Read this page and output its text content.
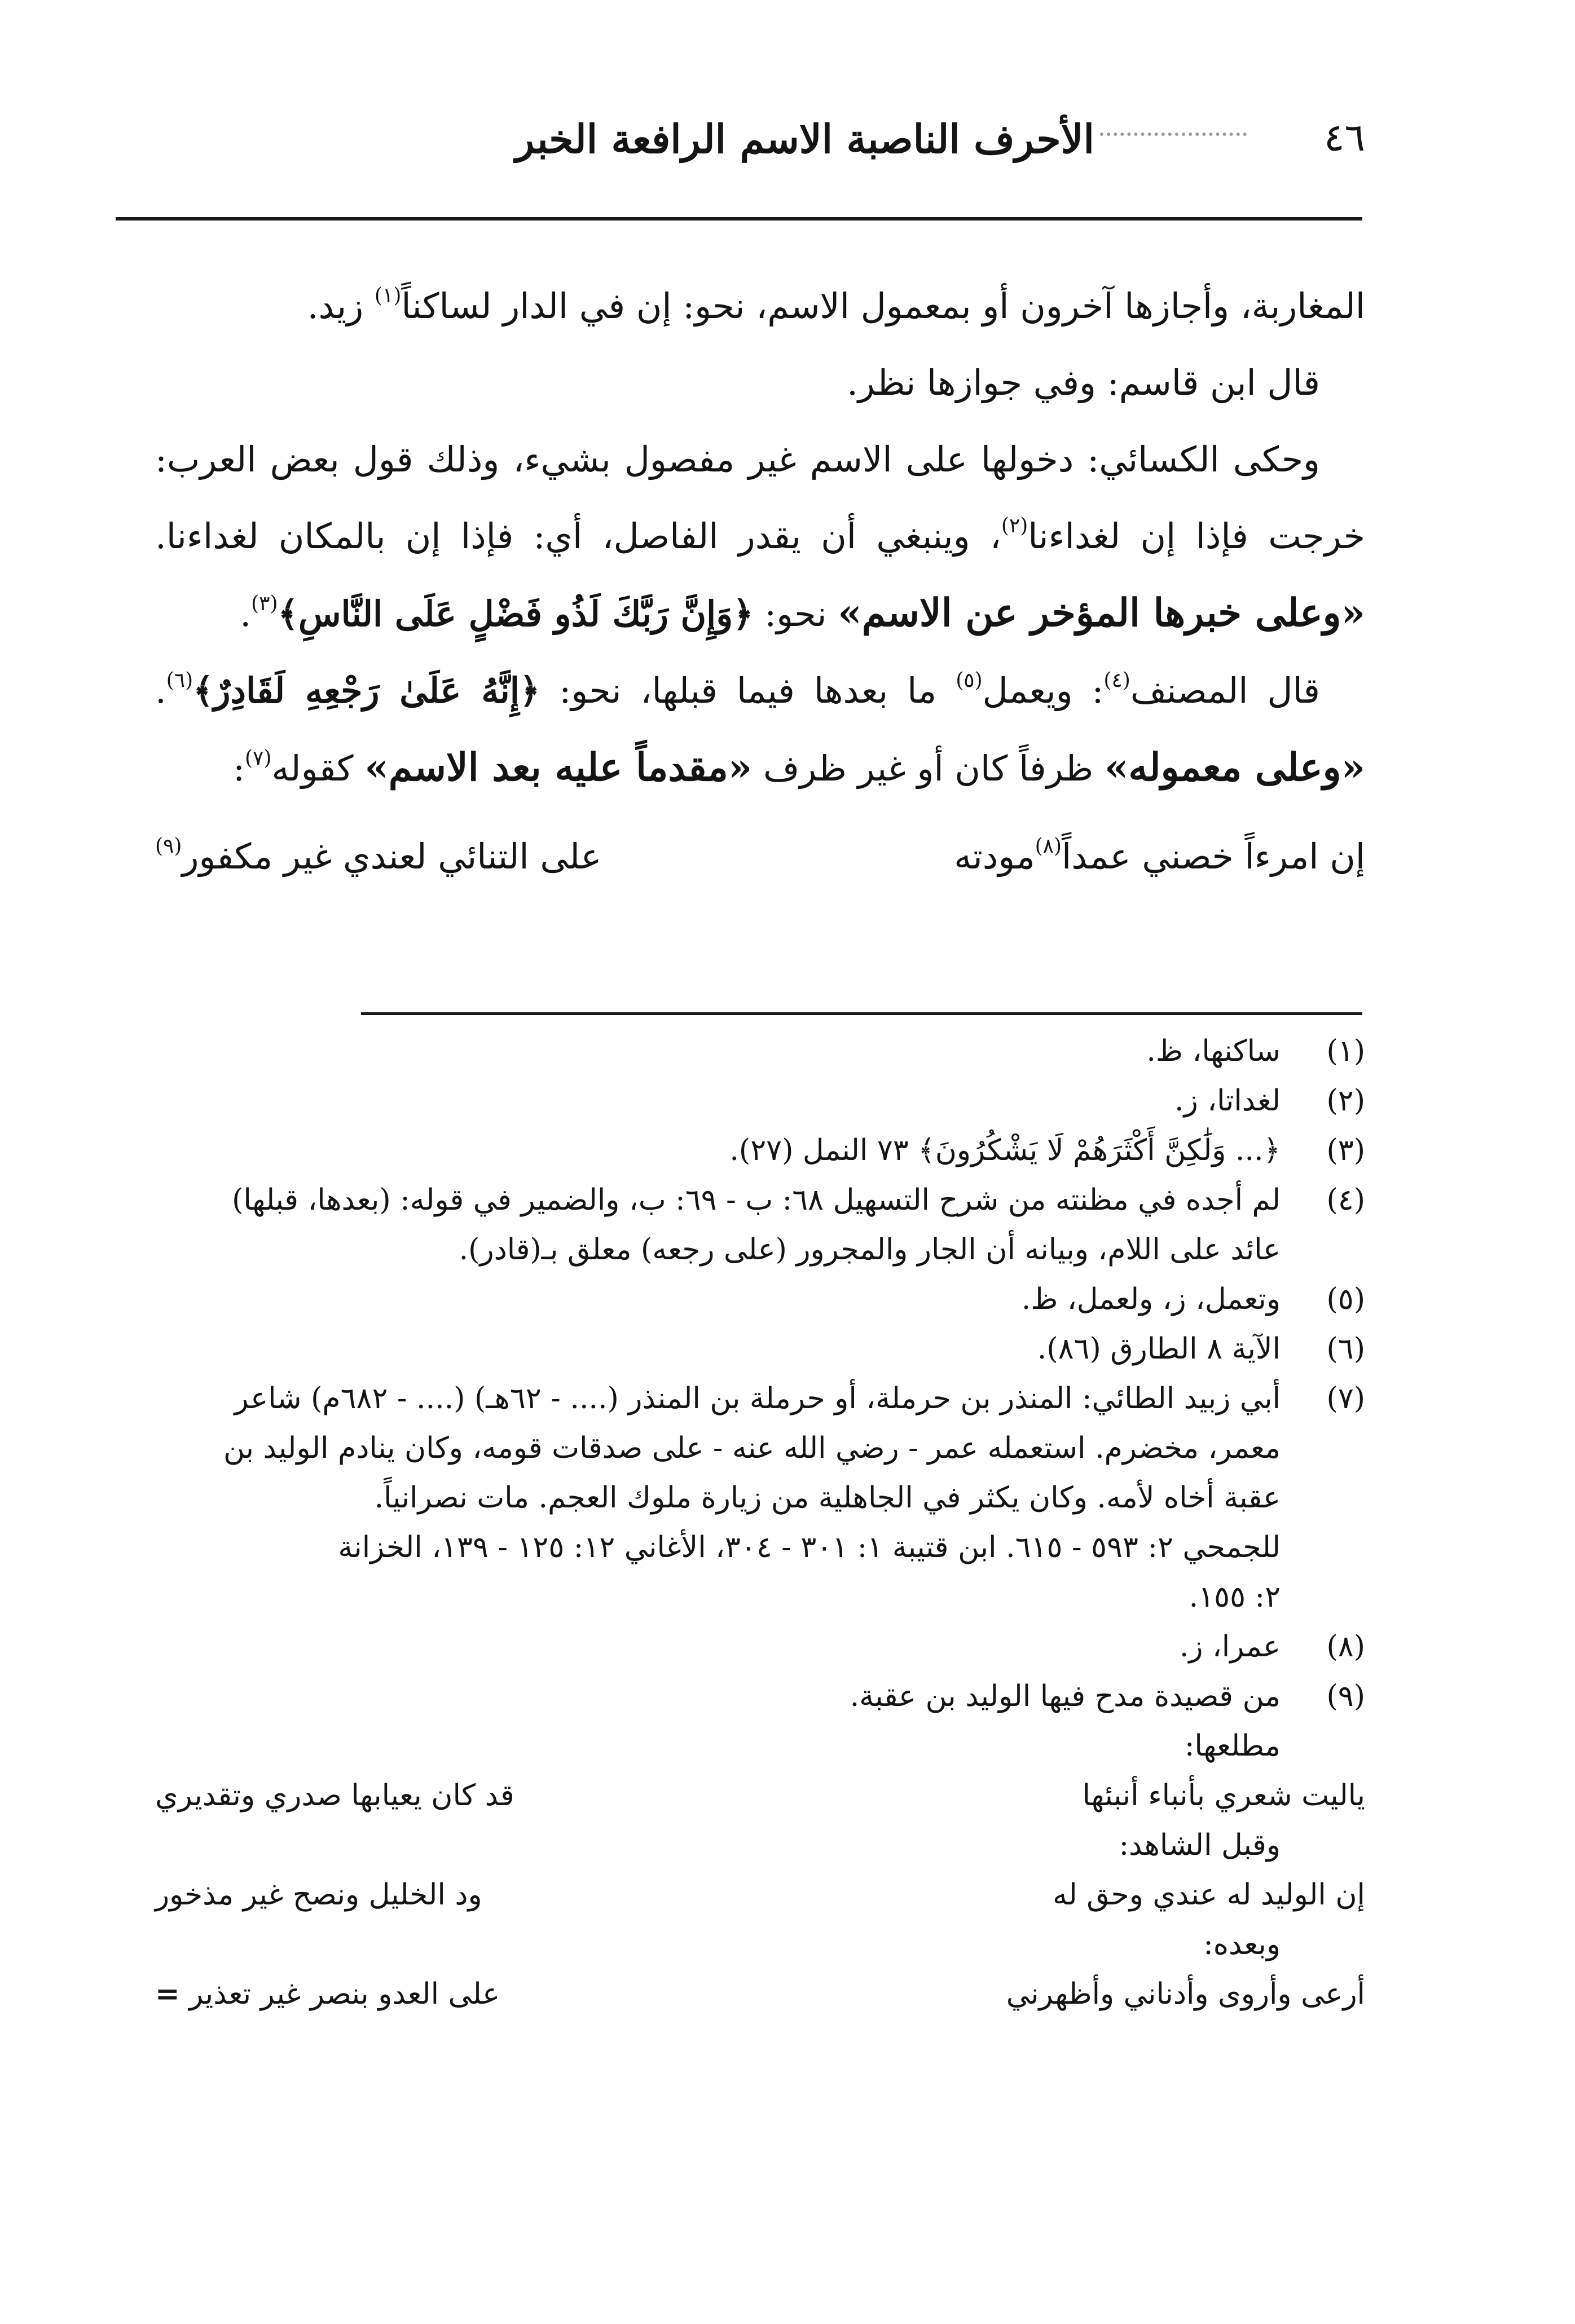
٤٦
الأحرف الناصبة الاسم الرافعة الخبر

المغاربة، وأجازها آخرون أو بمعمول الاسم، نحو: إن في الدار لساكناً$^{(١)}$ زيد.

قال ابن قاسم: وفي جوازها نظر.

وحكى الكسائي: دخولها على الاسم غير مفصول بشيء، وذلك قول بعض العرب: خرجت فإذا إن لغداءنا$^{(٢)}$، وينبغي أن يقدر الفاصل، أي: فإذا إن بالمكان لغداءنا. «وعلى خبرها المؤخر عن الاسم» نحو: ﴿وَإِنَّ رَبَّكَ لَذُو فَضْلٍ عَلَى النَّاسِ﴾$^{(٣)}$.

قال المصنف$^{(٤)}$: ويعمل$^{(٥)}$ ما بعدها فيما قبلها، نحو: ﴿إِنَّهُ عَلَىٰ رَجْعِهِ لَقَادِرٌ﴾$^{(٦)}$. «وعلى معموله» ظرفاً كان أو غير ظرف «مقدماً عليه بعد الاسم» كقوله$^{(٧)}$:

إن امرءاً خصني عمداً$^{(٨)}$مودته
على التنائي لعندي غير مكفور$^{(٩)}$
(١)
ساكنها، ظ.
(٢)
لغداتا، ز.
(٣)
﴿... وَلَٰكِنَّ أَكْثَرَهُمْ لَا يَشْكُرُونَ﴾ ٧٣ النمل (٢٧).
(٤)
لم أجده في مظنته من شرح التسهيل ٦٨: ب - ٦٩: ب، والضمير في قوله: (بعدها، قبلها)
عائد على اللام، وبيانه أن الجار والمجرور (على رجعه) معلق بـ(قادر).
(٥)
وتعمل، ز، ولعمل، ظ.
(٦)
الآية ٨ الطارق (٨٦).
(٧)
أبي زبيد الطائي: المنذر بن حرملة، أو حرملة بن المنذر (.... - ٦٢هـ) (.... - ٦٨٢م) شاعر
معمر، مخضرم. استعمله عمر - رضي الله عنه - على صدقات قومه، وكان ينادم الوليد بن
عقبة أخاه لأمه. وكان يكثر في الجاهلية من زيارة ملوك العجم. مات نصرانياً.
للجمحي ٢: ٥٩٣ - ٦١٥. ابن قتيبة ١: ٣٠١ - ٣٠٤، الأغاني ١٢: ١٢٥ - ١٣٩، الخزانة
٢: ١٥٥.
(٨)
عمرا، ز.
(٩)
من قصيدة مدح فيها الوليد بن عقبة.
مطلعها:
ياليت شعري بأنباء أنبئها
قد كان يعيابها صدري وتقديري
وقبل الشاهد:
إن الوليد له عندي وحق له
ود الخليل ونصح غير مذخور
وبعده:
أرعى وأروى وأدناني وأظهرني
على العدو بنصر غير تعذير =
